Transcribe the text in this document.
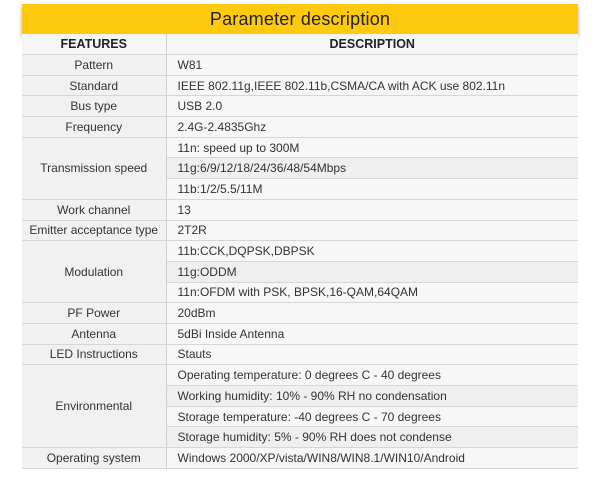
Parameter description
FEATURES	DESCRIPTION
Pattern	W81
Standard	IEEE 802.11g,IEEE 802.11b,CSMA/CA with ACK use 802.11n
Bus type	USB 2.0
Frequency	2.4G-2.4835Ghz
Transmission speed	11n: speed up to 300M
	11g:6/9/12/18/24/36/48/54Mbps
	11b:1/2/5.5/11M
Work channel	13
Emitter acceptance type	2T2R
Modulation	11b:CCK,DQPSK,DBPSK
	11g:ODDM
	11n:OFDM with PSK, BPSK,16-QAM,64QAM
PF Power	20dBm
Antenna	5dBi Inside Antenna
LED Instructions	Stauts
Environmental	Operating temperature: 0 degrees C - 40 degrees
	Working humidity: 10% - 90% RH no condensation
	Storage temperature: -40 degrees C - 70 degrees
	Storage humidity: 5% - 90% RH does not condense
Operating system	Windows 2000/XP/vista/WIN8/WIN8.1/WIN10/Android
